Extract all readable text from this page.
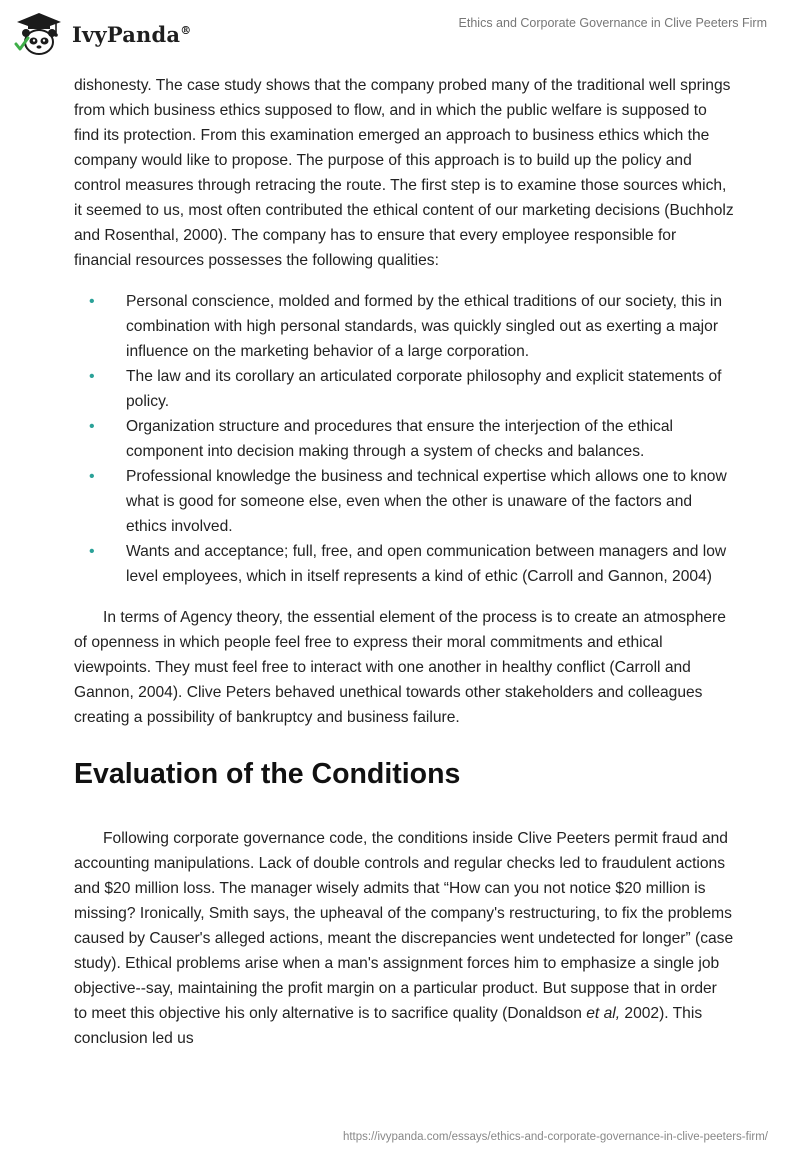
IvyPanda®	Ethics and Corporate Governance in Clive Peeters Firm

dishonesty. The case study shows that the company probed many of the traditional well springs from which business ethics supposed to flow, and in which the public welfare is supposed to find its protection. From this examination emerged an approach to business ethics which the company would like to propose. The purpose of this approach is to build up the policy and control measures through retracing the route. The first step is to examine those sources which, it seemed to us, most often contributed the ethical content of our marketing decisions (Buchholz and Rosenthal, 2000). The company has to ensure that every employee responsible for financial resources possesses the following qualities:

• Personal conscience, molded and formed by the ethical traditions of our society, this in combination with high personal standards, was quickly singled out as exerting a major influence on the marketing behavior of a large corporation.
• The law and its corollary an articulated corporate philosophy and explicit statements of policy.
• Organization structure and procedures that ensure the interjection of the ethical component into decision making through a system of checks and balances.
• Professional knowledge the business and technical expertise which allows one to know what is good for someone else, even when the other is unaware of the factors and ethics involved.
• Wants and acceptance; full, free, and open communication between managers and low level employees, which in itself represents a kind of ethic (Carroll and Gannon, 2004)

In terms of Agency theory, the essential element of the process is to create an atmosphere of openness in which people feel free to express their moral commitments and ethical viewpoints. They must feel free to interact with one another in healthy conflict (Carroll and Gannon, 2004). Clive Peters behaved unethical towards other stakeholders and colleagues creating a possibility of bankruptcy and business failure.

Evaluation of the Conditions

Following corporate governance code, the conditions inside Clive Peeters permit fraud and accounting manipulations. Lack of double controls and regular checks led to fraudulent actions and $20 million loss. The manager wisely admits that “How can you not notice $20 million is missing? Ironically, Smith says, the upheaval of the company's restructuring, to fix the problems caused by Causer's alleged actions, meant the discrepancies went undetected for longer” (case study). Ethical problems arise when a man's assignment forces him to emphasize a single job objective--say, maintaining the profit margin on a particular product. But suppose that in order to meet this objective his only alternative is to sacrifice quality (Donaldson et al, 2002). This conclusion led us

https://ivypanda.com/essays/ethics-and-corporate-governance-in-clive-peeters-firm/
